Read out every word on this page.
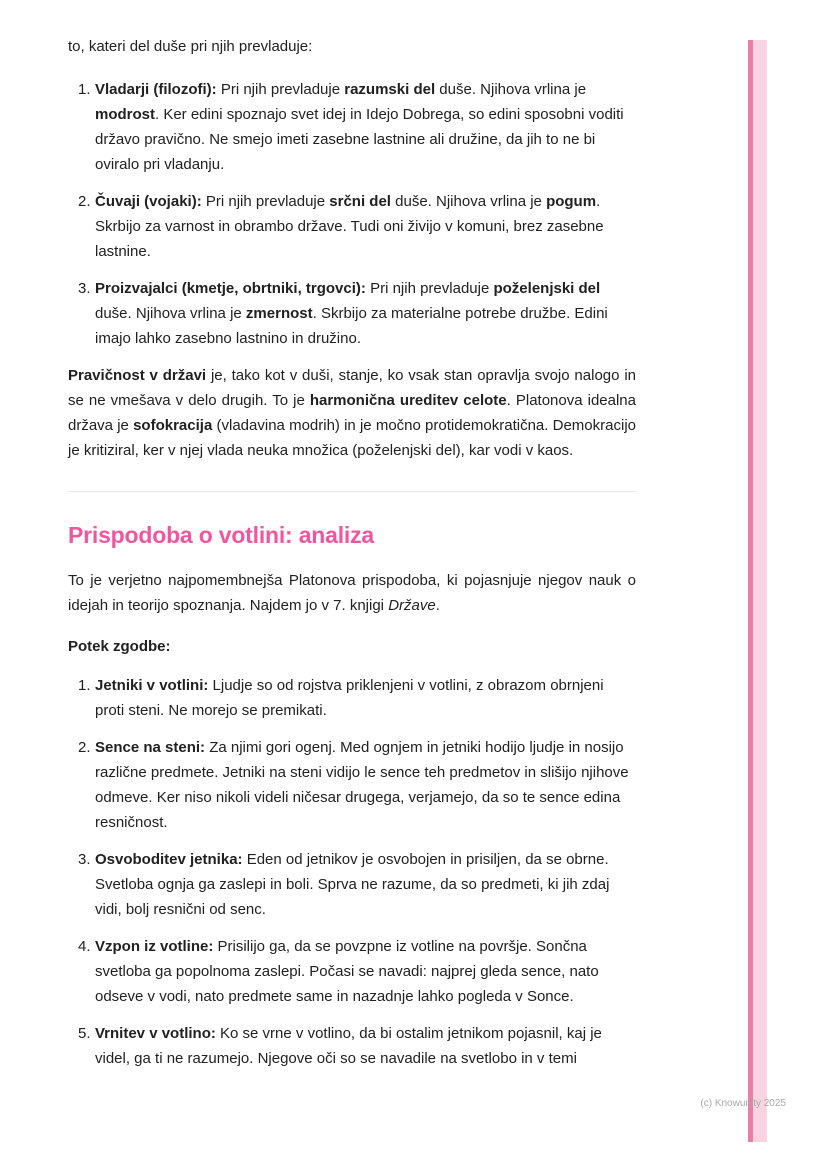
to, kateri del duše pri njih prevladuje:

1. Vladarji (filozofi): Pri njih prevladuje razumski del duše. Njihova vrlina je modrost. Ker edini spoznajo svet idej in Idejo Dobrega, so edini sposobni voditi državo pravično. Ne smejo imeti zasebne lastnine ali družine, da jih to ne bi oviralo pri vladanju.
2. Čuvaji (vojaki): Pri njih prevladuje srčni del duše. Njihova vrlina je pogum. Skrbijo za varnost in obrambo države. Tudi oni živijo v komuni, brez zasebne lastnine.
3. Proizvajalci (kmetje, obrtniki, trgovci): Pri njih prevladuje poželenjski del duše. Njihova vrlina je zmernost. Skrbijo za materialne potrebe družbe. Edini imajo lahko zasebno lastnino in družino.

Pravičnost v državi je, tako kot v duši, stanje, ko vsak stan opravlja svojo nalogo in se ne vmešava v delo drugih. To je harmonična ureditev celote. Platonova idealna država je sofokracija (vladavina modrih) in je močno protidemokratična. Demokracijo je kritiziral, ker v njej vlada neuka množica (poželenjski del), kar vodi v kaos.

Prispodoba o votlini: analiza

To je verjetno najpomembnejša Platonova prispodoba, ki pojasnjuje njegov nauk o idejah in teorijo spoznanja. Najdem jo v 7. knjigi Države.

Potek zgodbe:

1. Jetniki v votlini: Ljudje so od rojstva priklenjeni v votlini, z obrazom obrnjeni proti steni. Ne morejo se premikati.
2. Sence na steni: Za njimi gori ogenj. Med ognjem in jetniki hodijo ljudje in nosijo različne predmete. Jetniki na steni vidijo le sence teh predmetov in slišijo njihove odmeve. Ker niso nikoli videli ničesar drugega, verjamejo, da so te sence edina resničnost.
3. Osvoboditev jetnika: Eden od jetnikov je osvobojen in prisiljen, da se obrne. Svetloba ognja ga zaslepi in boli. Sprva ne razume, da so predmeti, ki jih zdaj vidi, bolj resnični od senc.
4. Vzpon iz votline: Prisilijo ga, da se povzpne iz votline na površje. Sončna svetloba ga popolnoma zaslepi. Počasi se navadi: najprej gleda sence, nato odseve v vodi, nato predmete same in nazadnje lahko pogleda v Sonce.
5. Vrnitev v votlino: Ko se vrne v votlino, da bi ostalim jetnikom pojasnil, kaj je videl, ga ti ne razumejo. Njegove oči so se navadile na svetlobo in v temi
(c) Knowunity 2025
